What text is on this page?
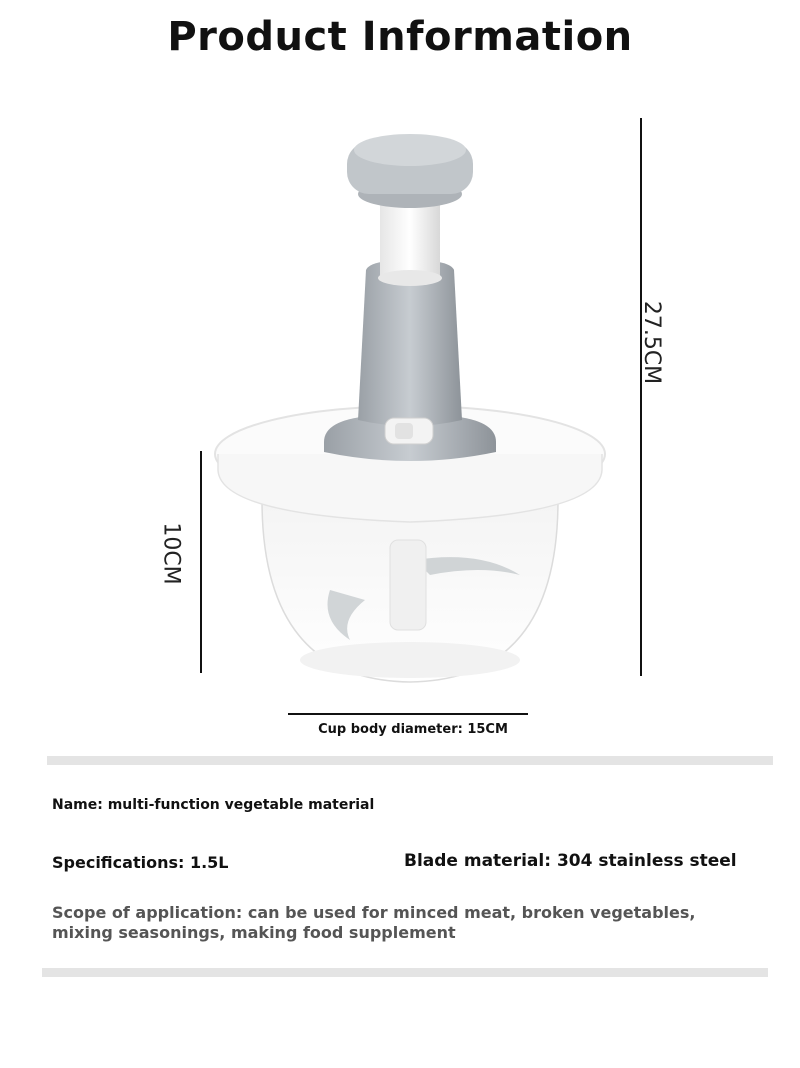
Product Information
27.5CM
10CM
Cup body diameter: 15CM
Name: multi-function vegetable material
Specifications: 1.5L	Blade material: 304 stainless steel
Scope of application: can be used for minced meat, broken vegetables,
mixing seasonings, making food supplement
